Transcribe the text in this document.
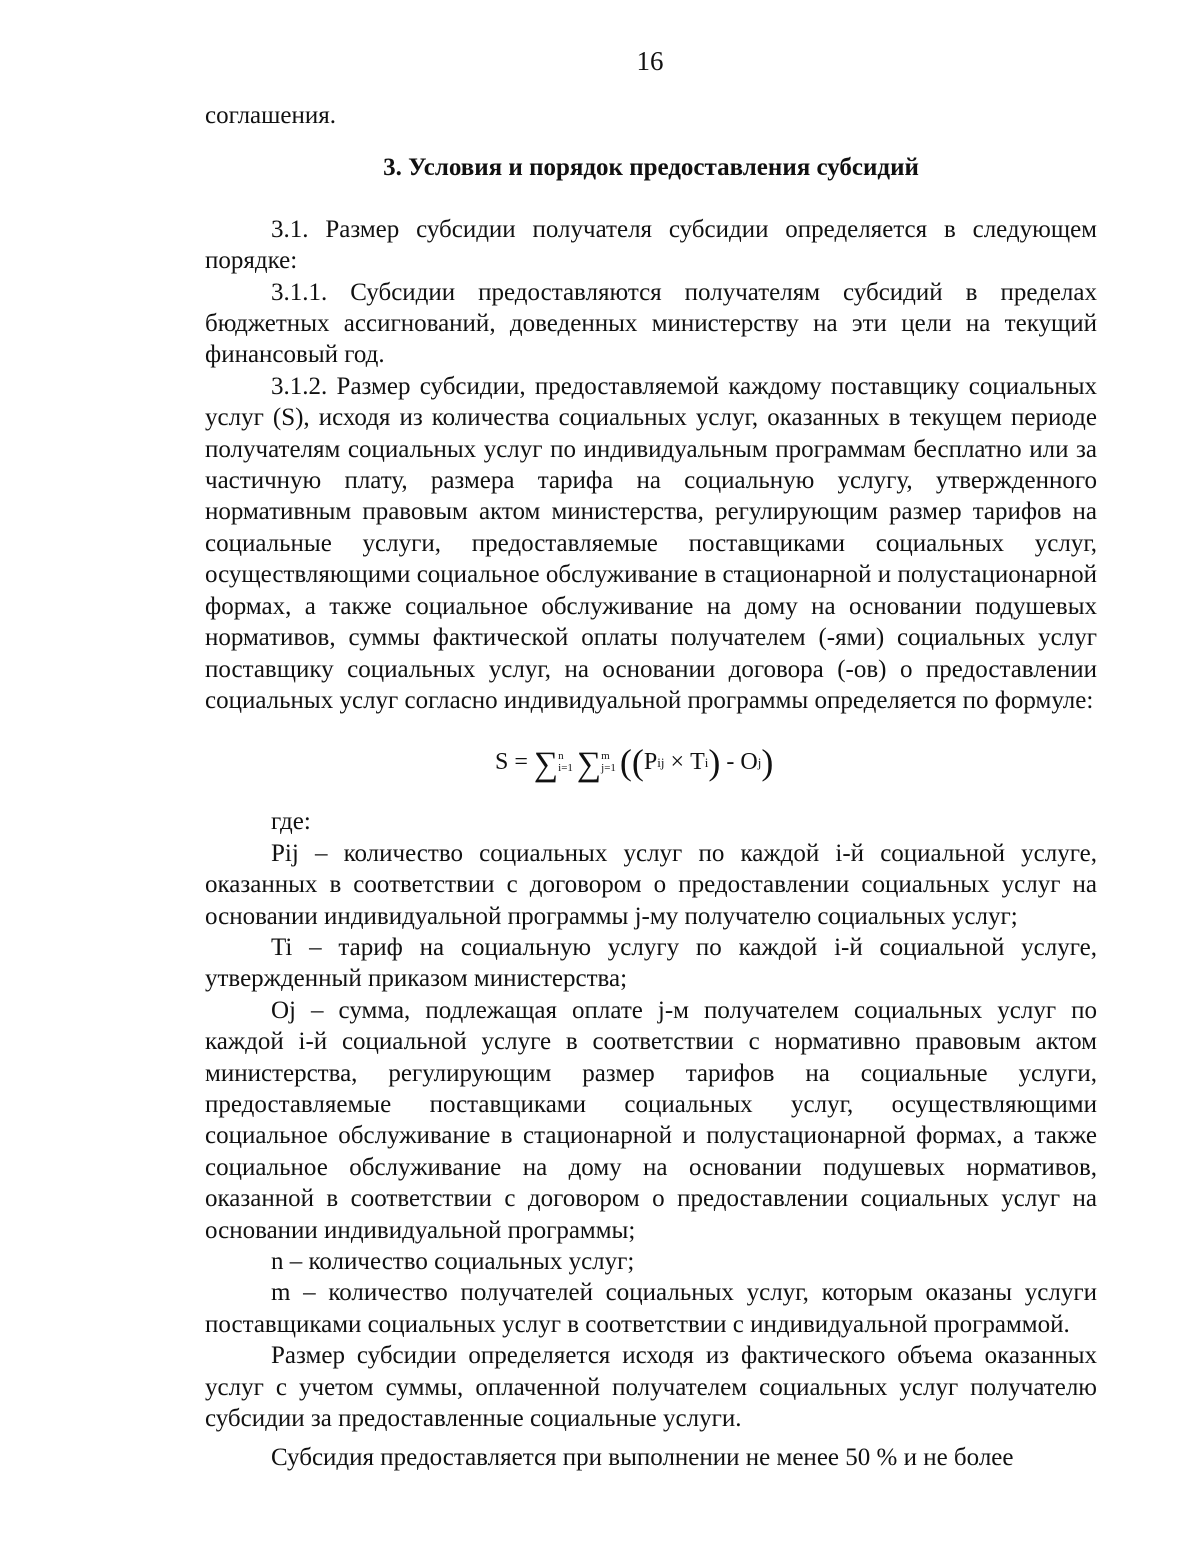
16

соглашения.

3. Условия и порядок предоставления субсидий

3.1. Размер субсидии получателя субсидии определяется в следующем порядке:

3.1.1. Субсидии предоставляются получателям субсидий в пределах бюджетных ассигнований, доведенных министерству на эти цели на текущий финансовый год.

3.1.2. Размер субсидии, предоставляемой каждому поставщику социальных услуг (S), исходя из количества социальных услуг, оказанных в текущем периоде получателям социальных услуг по индивидуальным программам бесплатно или за частичную плату, размера тарифа на социальную услугу, утвержденного нормативным правовым актом министерства, регулирующим размер тарифов на социальные услуги, предоставляемые поставщиками социальных услуг, осуществляющими социальное обслуживание в стационарной и полустационарной формах, а также социальное обслуживание на дому на основании подушевых нормативов, суммы фактической оплаты получателем (-ями) социальных услуг поставщику социальных услуг, на основании договора (-ов) о предоставлении социальных услуг согласно индивидуальной программы определяется по формуле:

S =
∑ n
i=1 ∑ m
j=1 ( ( P ij
×
T i )
-
O j )

где:

Pij – количество социальных услуг по каждой i-й социальной услуге, оказанных в соответствии с договором о предоставлении социальных услуг на основании индивидуальной программы j-му получателю социальных услуг;

Ti – тариф на социальную услугу по каждой i-й социальной услуге, утвержденный приказом министерства;

Oj – сумма, подлежащая оплате j-м получателем социальных услуг по каждой i-й социальной услуге в соответствии с нормативно правовым актом министерства, регулирующим размер тарифов на социальные услуги, предоставляемые поставщиками социальных услуг, осуществляющими социальное обслуживание в стационарной и полустационарной формах, а также социальное обслуживание на дому на основании подушевых нормативов, оказанной в соответствии с договором о предоставлении социальных услуг на основании индивидуальной программы;

n – количество социальных услуг;

m – количество получателей социальных услуг, которым оказаны услуги поставщиками социальных услуг в соответствии с индивидуальной программой.

Размер субсидии определяется исходя из фактического объема оказанных услуг с учетом суммы, оплаченной получателем социальных услуг получателю субсидии за предоставленные социальные услуги.

Субсидия предоставляется при выполнении не менее 50 % и не более
